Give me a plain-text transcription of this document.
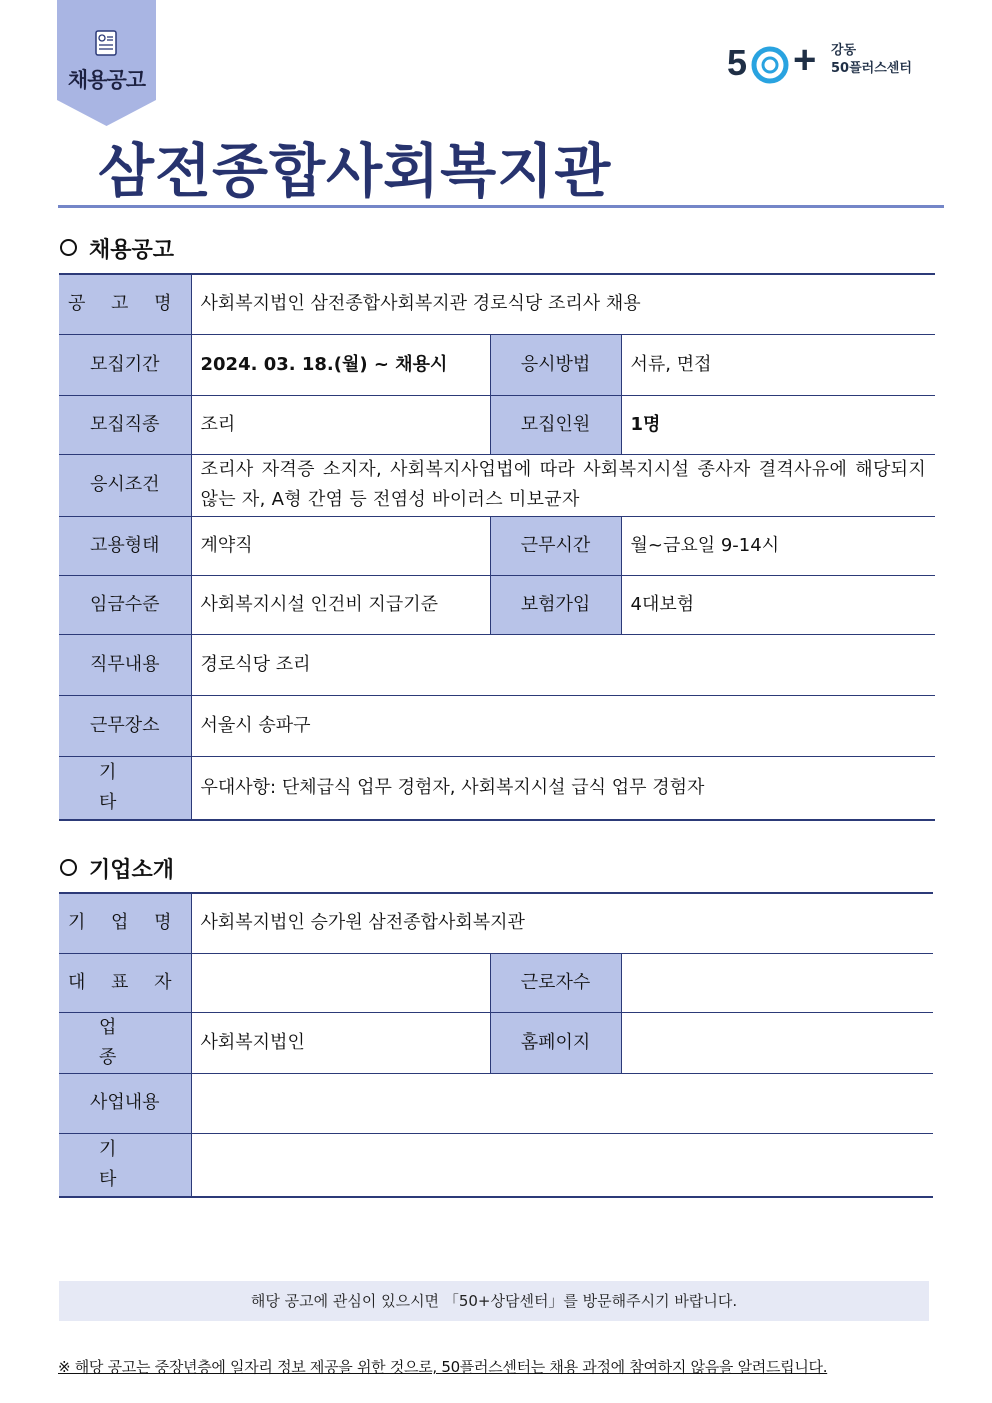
채용공고	5 + 강동
50플러스센터
삼전종합사회복지관
채용공고
공 고 명	사회복지법인 삼전종합사회복지관 경로식당 조리사 채용		
모집기간	2024. 03. 18.(월) ~ 채용시	응시방법	서류, 면접
모집직종	조리	모집인원	1명
응시조건	조리사 자격증 소지자, 사회복지사업법에 따라 사회복지시설 종사자 결격사유에 해당되지 않는 자, A형 간염 등 전염성 바이러스 미보균자		
고용형태	계약직	근무시간	월~금요일 9-14시
임금수준	사회복지시설 인건비 지급기준	보험가입	4대보험
직무내용	경로식당 조리		
근무장소	서울시 송파구		
기 타	우대사항: 단체급식 업무 경험자, 사회복지시설 급식 업무 경험자		
기업소개
기 업 명	사회복지법인 승가원 삼전종합사회복지관		
대 표 자		근로자수	
업 종	사회복지법인	홈페이지	
사업내용			
기 타			
해당 공고에 관심이 있으시면 「50+상담센터」를 방문해주시기 바랍니다.
※ 해당 공고는 중장년층에 일자리 정보 제공을 위한 것으로, 50플러스센터는 채용 과정에 참여하지 않음을 알려드립니다.
